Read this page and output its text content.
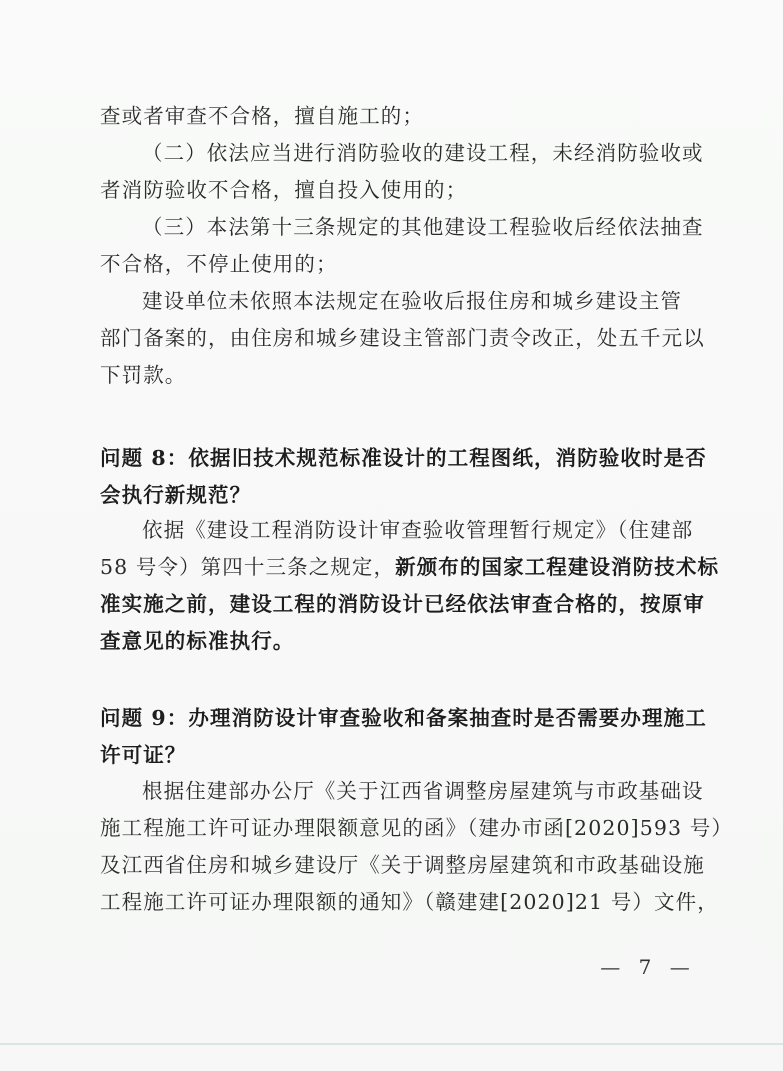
查或者审查不合格，擅自施工的；
（二）依法应当进行消防验收的建设工程，未经消防验收或
者消防验收不合格，擅自投入使用的；
（三）本法第十三条规定的其他建设工程验收后经依法抽查
不合格，不停止使用的；
建设单位未依照本法规定在验收后报住房和城乡建设主管
部门备案的，由住房和城乡建设主管部门责令改正，处五千元以
下罚款。
问题 8：依据旧技术规范标准设计的工程图纸，消防验收时是否
会执行新规范？
依据《建设工程消防设计审查验收管理暂行规定》（住建部
58 号令）第四十三条之规定，新颁布的国家工程建设消防技术标
准实施之前，建设工程的消防设计已经依法审查合格的，按原审
查意见的标准执行。
问题 9：办理消防设计审查验收和备案抽查时是否需要办理施工
许可证？
根据住建部办公厅《关于江西省调整房屋建筑与市政基础设
施工程施工许可证办理限额意见的函》（建办市函[2020]593 号）
及江西省住房和城乡建设厅《关于调整房屋建筑和市政基础设施
工程施工许可证办理限额的通知》（赣建建[2020]21 号）文件，
— 7 —
